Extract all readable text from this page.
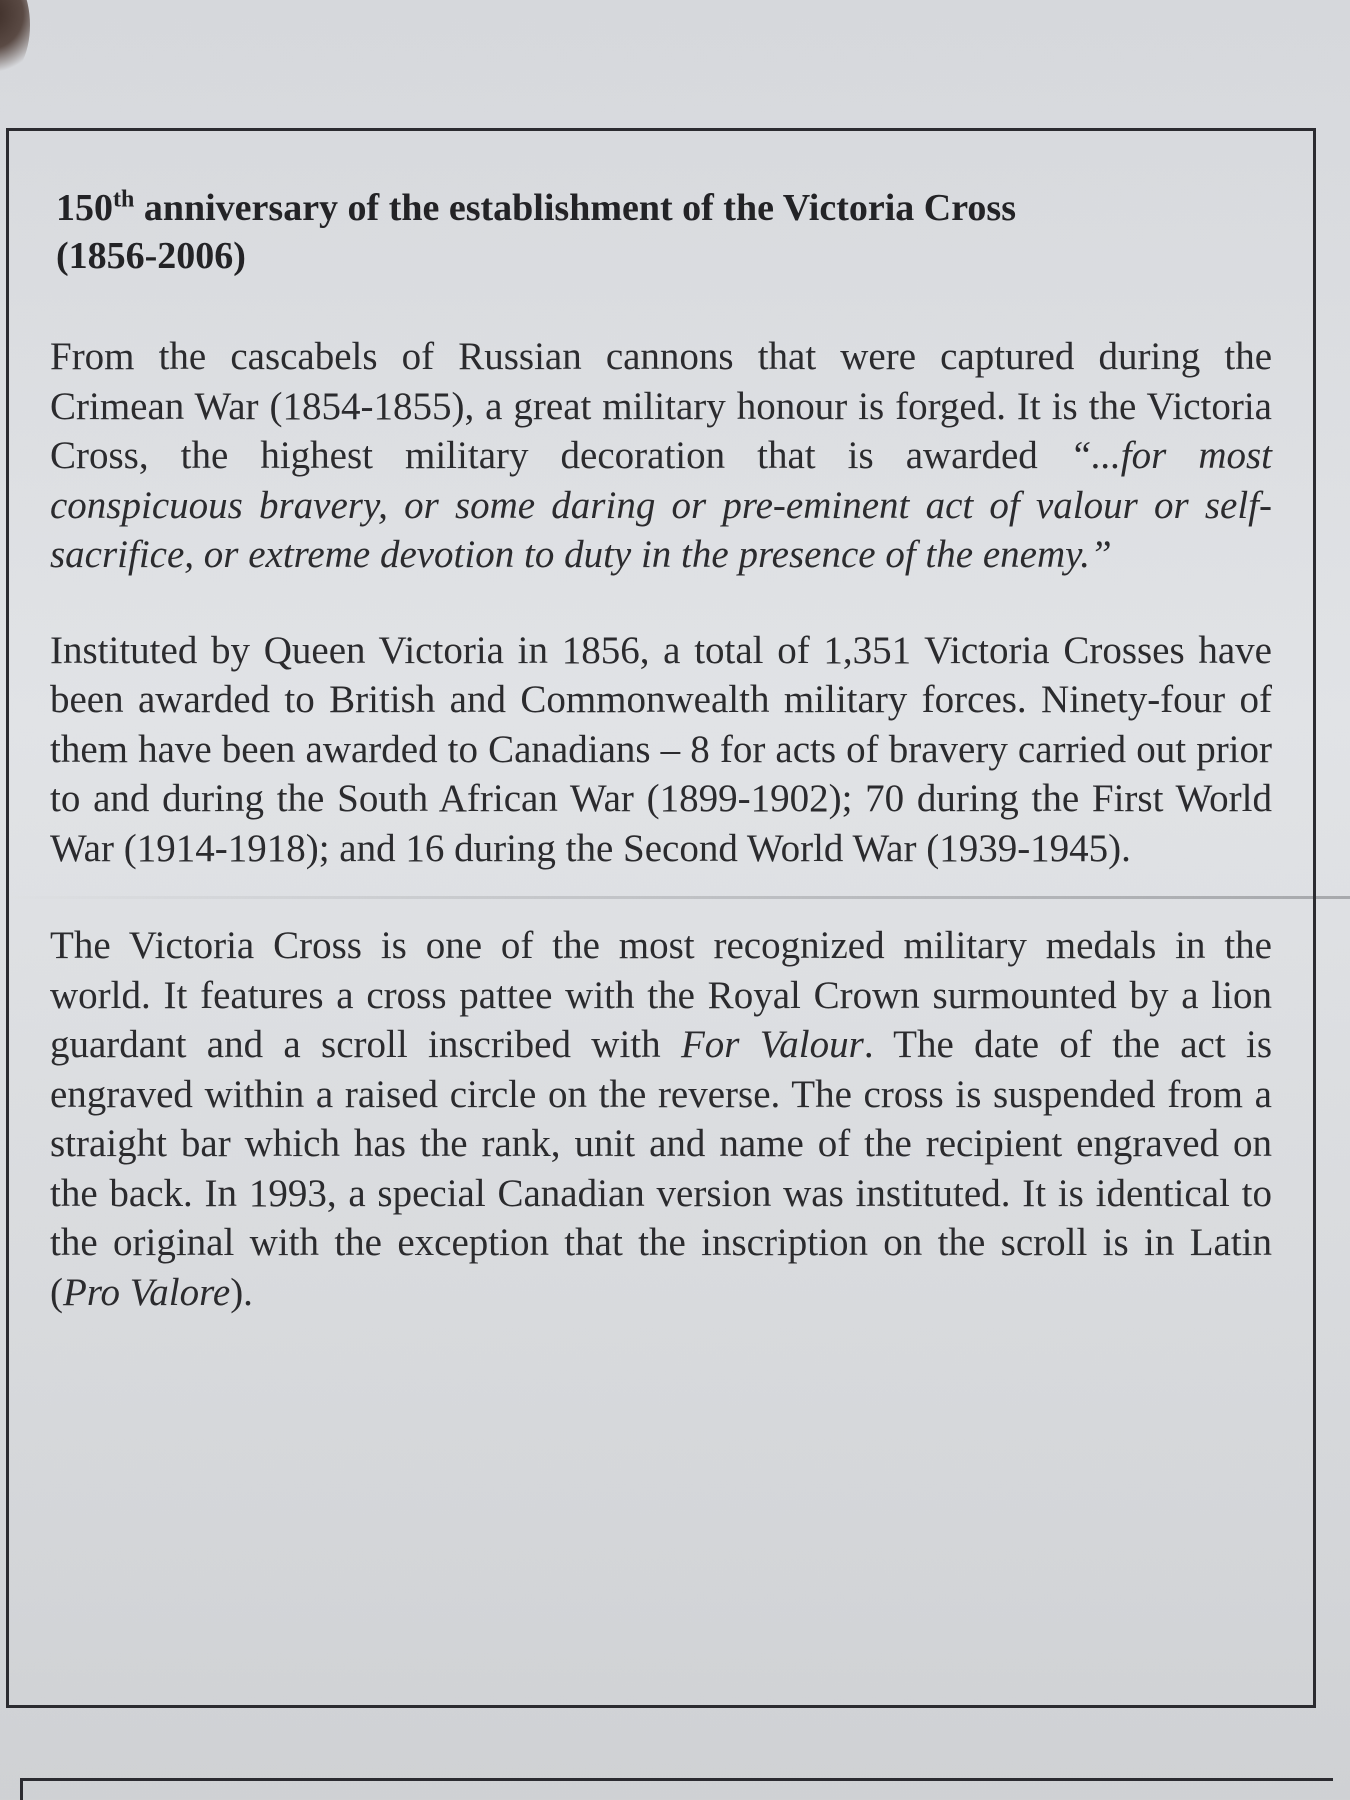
150th anniversary of the establishment of the Victoria Cross
(1856-2006)

From the cascabels of Russian cannons that were captured during the Crimean War (1854-1855), a great military honour is forged. It is the Victoria Cross, the highest military decoration that is awarded “...for most conspicuous bravery, or some daring or pre-eminent act of valour or self-sacrifice, or extreme devotion to duty in the presence of the enemy.”

Instituted by Queen Victoria in 1856, a total of 1,351 Victoria Crosses have been awarded to British and Commonwealth military forces. Ninety-four of them have been awarded to Canadians – 8 for acts of bravery carried out prior to and during the South African War (1899-1902); 70 during the First World War (1914-1918); and 16 during the Second World War (1939-1945).

The Victoria Cross is one of the most recognized military medals in the world. It features a cross pattee with the Royal Crown surmounted by a lion guardant and a scroll inscribed with For Valour. The date of the act is engraved within a raised circle on the reverse. The cross is suspended from a straight bar which has the rank, unit and name of the recipient engraved on the back. In 1993, a special Canadian version was instituted. It is identical to the original with the exception that the inscription on the scroll is in Latin (Pro Valore).
